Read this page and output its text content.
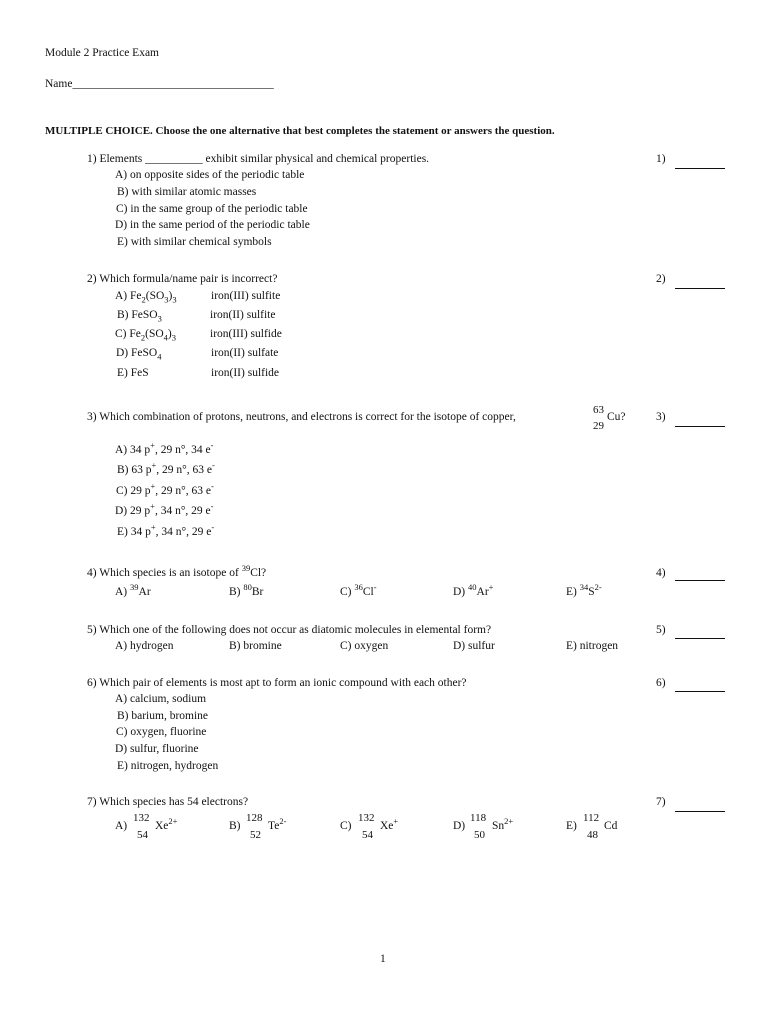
Module 2 Practice Exam
Name___________________________________
MULTIPLE CHOICE. Choose the one alternative that best completes the statement or answers the question.
1) Elements __________ exhibit similar physical and chemical properties.	1)
A) on opposite sides of the periodic table
B) with similar atomic masses
C) in the same group of the periodic table
D) in the same period of the periodic table
E) with similar chemical symbols
2) Which formula/name pair is incorrect?	2)
A) $Fe_2(SO_3)_3$	iron(III) sulfite
B) FeSO$_3$	iron(II) sulfite
C) $Fe_2(SO_4)_3$	iron(III) sulfide
D) FeSO$_4$	iron(II) sulfate
E) FeS	iron(II) sulfide
3) Which combination of protons, neutrons, and electrons is correct for the isotope of copper,
63
29
Cu?	3)
A) 34 p+, 29 n°, 34 e-
B) 63 p+, 29 n°, 63 e-
C) 29 p+, 29 n°, 63 e-
D) 29 p+, 34 n°, 29 e-
E) 34 p+, 34 n°, 29 e-
4) Which species is an isotope of $^{39}$Cl?	4)
A) $^{39}$Ar	B) $^{80}$Br	C) $^{36}$Cl-	D) $^{40}$Ar+	E) $^{34}S^{2-}$
5) Which one of the following does not occur as diatomic molecules in elemental form?	5)
A) hydrogen	B) bromine	C) oxygen	D) sulfur	E) nitrogen
6) Which pair of elements is most apt to form an ionic compound with each other?	6)
A) calcium, sodium
B) barium, bromine
C) oxygen, fluorine
D) sulfur, fluorine
E) nitrogen, hydrogen
7) Which species has 54 electrons?	7)
A)
132
54
$Xe^{2+}$	B)
128
52
$Te^{2-}$	C)
132
54
Xe+	D)
118
50
$Sn^{2+}$	E)
112
48
Cd
1
